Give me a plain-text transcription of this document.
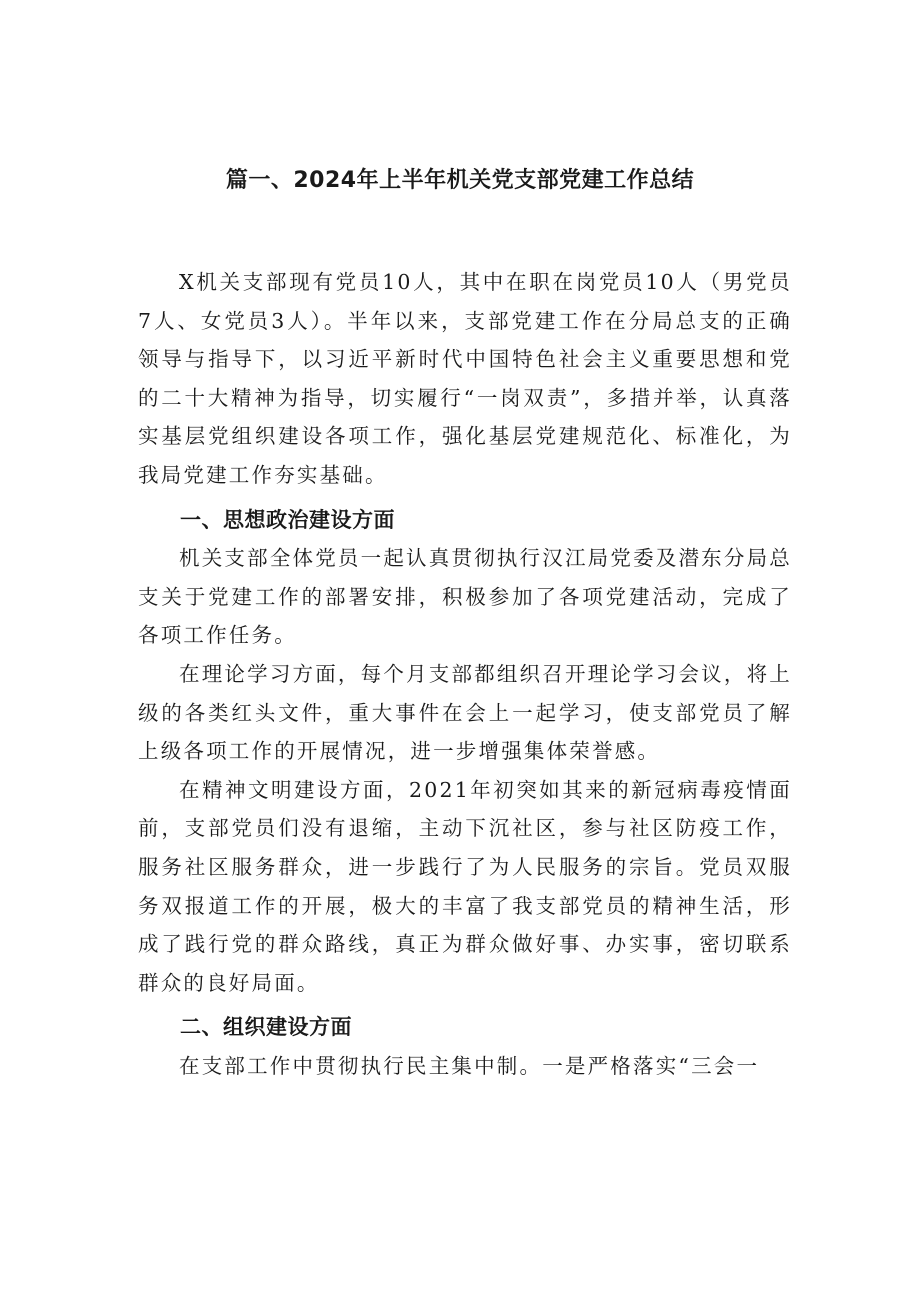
篇一、2024年上半年机关党支部党建工作总结

X机关支部现有党员10人，其中在职在岗党员10人（男党员7人、女党员3人）。半年以来，支部党建工作在分局总支的正确领导与指导下，以习近平新时代中国特色社会主义重要思想和党的二十大精神为指导，切实履行“一岗双责”，多措并举，认真落实基层党组织建设各项工作，强化基层党建规范化、标准化，为我局党建工作夯实基础。

一、思想政治建设方面

机关支部全体党员一起认真贯彻执行汉江局党委及潜东分局总支关于党建工作的部署安排，积极参加了各项党建活动，完成了各项工作任务。

在理论学习方面，每个月支部都组织召开理论学习会议，将上级的各类红头文件，重大事件在会上一起学习，使支部党员了解上级各项工作的开展情况，进一步增强集体荣誉感。

在精神文明建设方面，2021年初突如其来的新冠病毒疫情面前，支部党员们没有退缩，主动下沉社区，参与社区防疫工作，服务社区服务群众，进一步践行了为人民服务的宗旨。党员双服务双报道工作的开展，极大的丰富了我支部党员的精神生活，形成了践行党的群众路线，真正为群众做好事、办实事，密切联系群众的良好局面。

二、组织建设方面

在支部工作中贯彻执行民主集中制。一是严格落实“三会一
